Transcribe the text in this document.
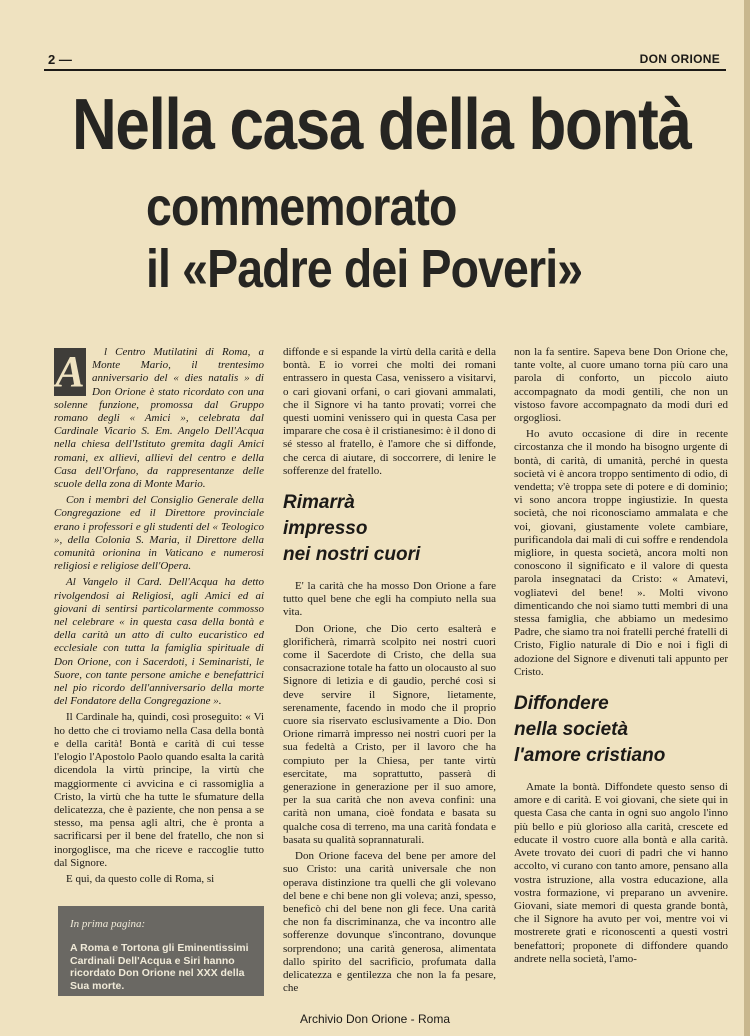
2 —	DON ORIONE
Nella casa della bontà
commemorato
il «Padre dei Poveri»
A	l Centro Mutilatini di Roma, a Monte Mario, il trentesimo anniversario del « dies natalis » di Don Orione è stato ricordato con una solenne funzione, promossa dal Gruppo romano degli « Amici », celebrata dal Cardinale Vicario S. Em. Angelo Dell'Acqua nella chiesa dell'Istituto gremita dagli Amici romani, ex allievi, allievi del centro e della Casa dell'Orfano, da rappresentanze delle scuole della zona di Monte Mario.

Con i membri del Consiglio Generale della Congregazione ed il Direttore provinciale erano i professori e gli studenti del « Teologico », della Colonia S. Maria, il Direttore della comunità orionina in Vaticano e numerosi religiosi e religiose dell'Opera.

Al Vangelo il Card. Dell'Acqua ha detto rivolgendosi ai Religiosi, agli Amici ed ai giovani di sentirsi particolarmente commosso nel celebrare « in questa casa della bontà e della carità un atto di culto eucaristico ed ecclesiale con tutta la famiglia spirituale di Don Orione, con i Sacerdoti, i Seminaristi, le Suore, con tante persone amiche e benefattrici nel pio ricordo dell'anniversario della morte del Fondatore della Congregazione ».

Il Cardinale ha, quindi, così proseguito: « Vi ho detto che ci troviamo nella Casa della bontà e della carità! Bontà e carità di cui tesse l'elogio l'Apostolo Paolo quando esalta la carità dicendola la virtù principe, la virtù che maggiormente ci avvicina e ci rassomiglia a Cristo, la virtù che ha tutte le sfumature della delicatezza, che è paziente, che non pensa a se stesso, ma pensa agli altri, che è pronta a sacrificarsi per il bene del fratello, che non si inorgoglisce, ma che riceve e raccoglie tutto dal Signore.

E qui, da questo colle di Roma, si

In prima pagina:
A Roma e Tortona gli Eminentissimi Cardinali Dell'Acqua e Siri hanno ricordato Don Orione nel XXX della Sua morte.

diffonde e si espande la virtù della carità e della bontà. E io vorrei che molti dei romani entrassero in questa Casa, venissero a visitarvi, o cari giovani orfani, o cari giovani ammalati, che il Signore vi ha tanto provati; vorrei che questi uomini venissero qui in questa Casa per imparare che cosa è il cristianesimo: è il dono di sé stesso al fratello, è l'amore che si diffonde, che cerca di aiutare, di soccorrere, di lenire le sofferenze del fratello.

Rimarrà
impresso
nei nostri cuori

E' la carità che ha mosso Don Orione a fare tutto quel bene che egli ha compiuto nella sua vita.

Don Orione, che Dio certo esalterà e glorificherà, rimarrà scolpito nei nostri cuori come il Sacerdote di Cristo, che della sua consacrazione totale ha fatto un olocausto al suo Signore di letizia e di gaudio, perché così si deve servire il Signore, lietamente, serenamente, facendo in modo che il proprio cuore sia riservato esclusivamente a Dio. Don Orione rimarrà impresso nei nostri cuori per la sua fedeltà a Cristo, per il lavoro che ha compiuto per la Chiesa, per tante virtù esercitate, ma soprattutto, passerà di generazione in generazione per il suo amore, per la sua carità che non aveva confini: una carità non umana, cioè fondata e basata su qualche cosa di terreno, ma una carità fondata e basata su qualità soprannaturali.

Don Orione faceva del bene per amore del suo Cristo: una carità universale che non operava distinzione tra quelli che gli volevano del bene e chi bene non gli voleva; anzi, spesso, beneficò chi del bene non gli fece. Una carità che non fa discriminanza, che va incontro alle sofferenze dovunque s'incontrano, dovunque sorprendono; una carità generosa, alimentata dallo spirito del sacrificio, profumata dalla delicatezza e gentilezza che non la fa pesare, che

non la fa sentire. Sapeva bene Don Orione che, tante volte, al cuore umano torna più caro una parola di conforto, un piccolo aiuto accompagnato da modi gentili, che non un vistoso favore accompagnato da modi duri ed orgogliosi.

Ho avuto occasione di dire in recente circostanza che il mondo ha bisogno urgente di bontà, di carità, di umanità, perché in questa società vi è ancora troppo sentimento di odio, di vendetta; v'è troppa sete di potere e di dominio; vi sono ancora troppe ingiustizie. In questa società, che noi riconosciamo ammalata e che voi, giovani, giustamente volete cambiare, purificandola dai mali di cui soffre e rendendola migliore, in questa società, ancora molti non conoscono il significato e il valore di questa parola insegnataci da Cristo: « Amatevi, vogliatevi del bene! ». Molti vivono dimenticando che noi siamo tutti membri di una stessa famiglia, che abbiamo un medesimo Padre, che siamo tra noi fratelli perché fratelli di Cristo, Figlio naturale di Dio e noi i figli di adozione del Signore e divenuti tali appunto per Cristo.

Diffondere
nella società
l'amore cristiano

Amate la bontà. Diffondete questo senso di amore e di carità. E voi giovani, che siete qui in questa Casa che canta in ogni suo angolo l'inno più bello e più glorioso alla carità, crescete ed educate il vostro cuore alla bontà e alla carità. Avete trovato dei cuori di padri che vi hanno accolto, vi curano con tanto amore, pensano alla vostra istruzione, alla vostra educazione, alla vostra formazione, vi preparano un avvenire. Giovani, siate memori di questa grande bontà, che il Signore ha avuto per voi, mentre voi vi mostrerete grati e riconoscenti a questi vostri benefattori; proponete di diffondere quando andrete nella società, l'amo-

Archivio Don Orione - Roma
